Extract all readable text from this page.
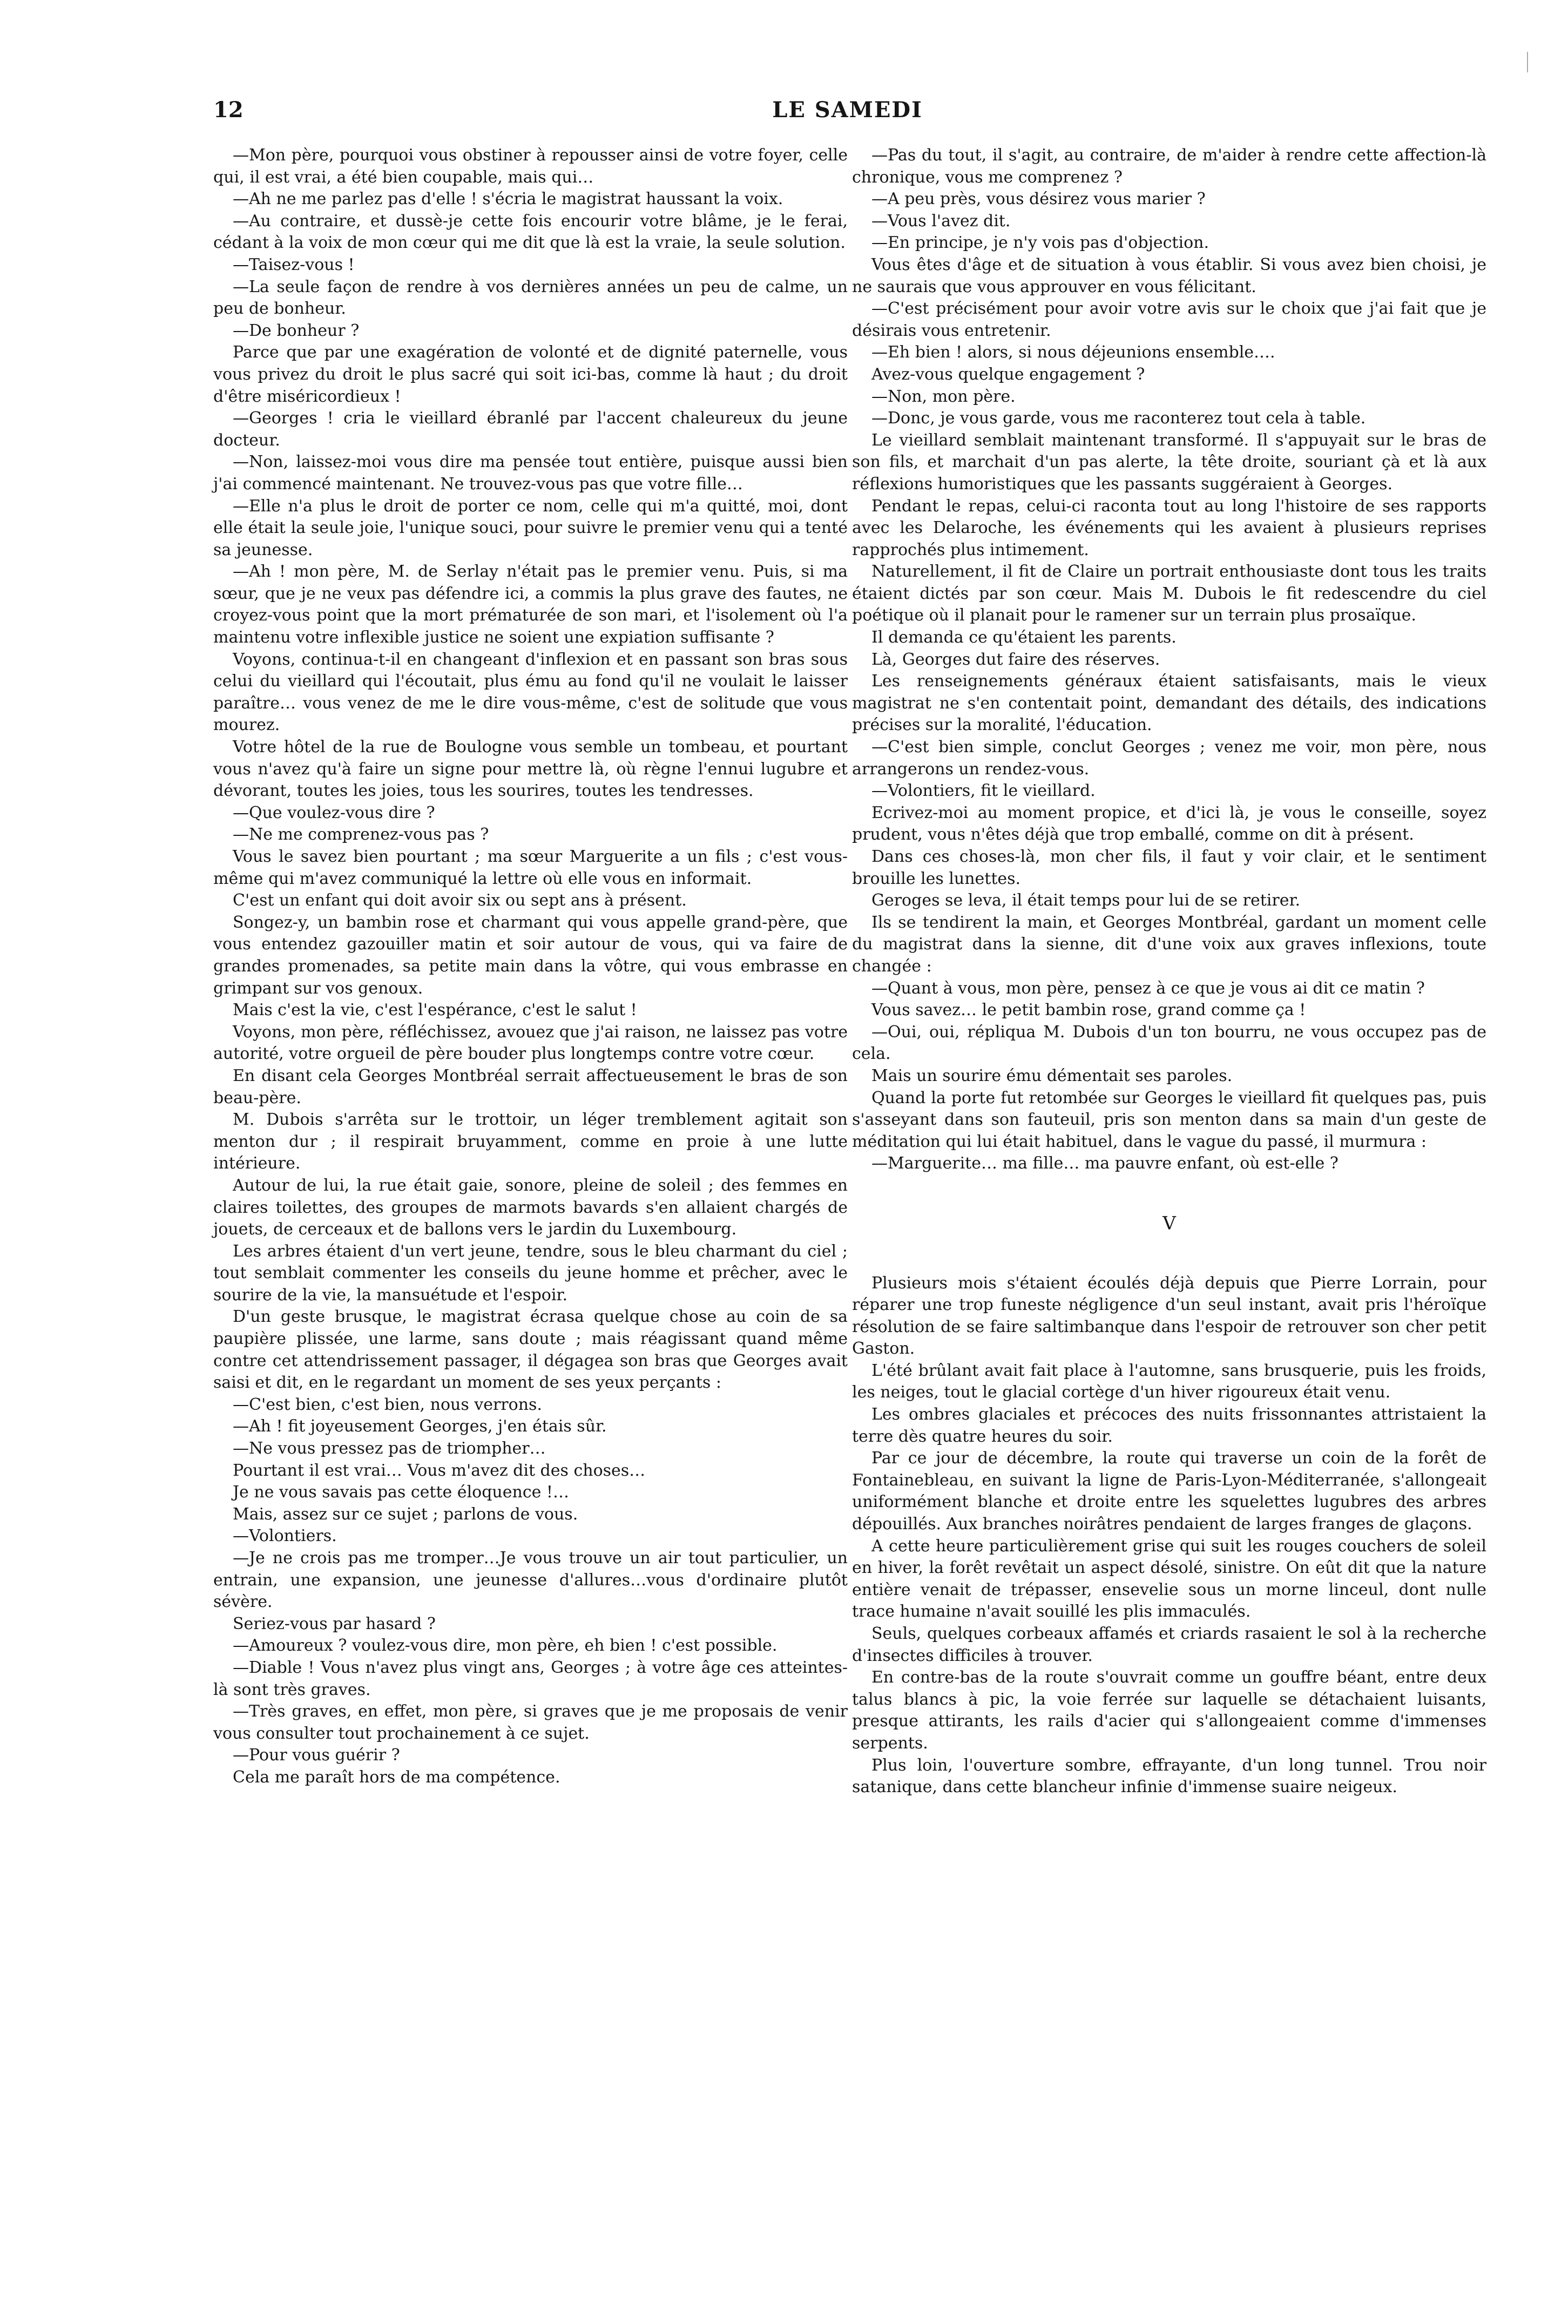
12	LE SAMEDI

—Mon père, pourquoi vous obstiner à repousser ainsi de votre foyer, celle qui, il est vrai, a été bien coupable, mais qui…

—Ah ne me parlez pas d'elle ! s'écria le magistrat haussant la voix.

—Au contraire, et dussè-je cette fois encourir votre blâme, je le ferai, cédant à la voix de mon cœur qui me dit que là est la vraie, la seule solution.

—Taisez-vous !

—La seule façon de rendre à vos dernières années un peu de calme, un peu de bonheur.

—De bonheur ?

Parce que par une exagération de volonté et de dignité paternelle, vous vous privez du droit le plus sacré qui soit ici-bas, comme là haut ; du droit d'être miséricordieux !

—Georges ! cria le vieillard ébranlé par l'accent chaleureux du jeune docteur.

—Non, laissez-moi vous dire ma pensée tout entière, puisque aussi bien j'ai commencé maintenant. Ne trouvez-vous pas que votre fille…

—Elle n'a plus le droit de porter ce nom, celle qui m'a quitté, moi, dont elle était la seule joie, l'unique souci, pour suivre le premier venu qui a tenté sa jeunesse.

—Ah ! mon père, M. de Serlay n'était pas le premier venu. Puis, si ma sœur, que je ne veux pas défendre ici, a commis la plus grave des fautes, ne croyez-vous point que la mort prématurée de son mari, et l'isolement où l'a maintenu votre inflexible justice ne soient une expiation suffisante ?

Voyons, continua-t-il en changeant d'inflexion et en passant son bras sous celui du vieillard qui l'écoutait, plus ému au fond qu'il ne voulait le laisser paraître… vous venez de me le dire vous-même, c'est de solitude que vous mourez.

Votre hôtel de la rue de Boulogne vous semble un tombeau, et pourtant vous n'avez qu'à faire un signe pour mettre là, où règne l'ennui lugubre et dévorant, toutes les joies, tous les sourires, toutes les tendresses.

—Que voulez-vous dire ?

—Ne me comprenez-vous pas ?

Vous le savez bien pourtant ; ma sœur Marguerite a un fils ; c'est vous-même qui m'avez communiqué la lettre où elle vous en informait.

C'est un enfant qui doit avoir six ou sept ans à présent.

Songez-y, un bambin rose et charmant qui vous appelle grand-père, que vous entendez gazouiller matin et soir autour de vous, qui va faire de grandes promenades, sa petite main dans la vôtre, qui vous embrasse en grimpant sur vos genoux.

Mais c'est la vie, c'est l'espérance, c'est le salut !

Voyons, mon père, réfléchissez, avouez que j'ai raison, ne laissez pas votre autorité, votre orgueil de père bouder plus longtemps contre votre cœur.

En disant cela Georges Montbréal serrait affectueusement le bras de son beau-père.

M. Dubois s'arrêta sur le trottoir, un léger tremblement agitait son menton dur ; il respirait bruyamment, comme en proie à une lutte intérieure.

Autour de lui, la rue était gaie, sonore, pleine de soleil ; des femmes en claires toilettes, des groupes de marmots bavards s'en allaient chargés de jouets, de cerceaux et de ballons vers le jardin du Luxembourg.

Les arbres étaient d'un vert jeune, tendre, sous le bleu charmant du ciel ; tout semblait commenter les conseils du jeune homme et prêcher, avec le sourire de la vie, la mansuétude et l'espoir.

D'un geste brusque, le magistrat écrasa quelque chose au coin de sa paupière plissée, une larme, sans doute ; mais réagissant quand même contre cet attendrissement passager, il dégagea son bras que Georges avait saisi et dit, en le regardant un moment de ses yeux perçants :

—C'est bien, c'est bien, nous verrons.

—Ah ! fit joyeusement Georges, j'en étais sûr.

—Ne vous pressez pas de triompher…

Pourtant il est vrai… Vous m'avez dit des choses…

Je ne vous savais pas cette éloquence !…

Mais, assez sur ce sujet ; parlons de vous.

—Volontiers.

—Je ne crois pas me tromper…Je vous trouve un air tout particulier, un entrain, une expansion, une jeunesse d'allures…vous d'ordinaire plutôt sévère.

Seriez-vous par hasard ?

—Amoureux ? voulez-vous dire, mon père, eh bien ! c'est possible.

—Diable ! Vous n'avez plus vingt ans, Georges ; à votre âge ces atteintes-là sont très graves.

—Très graves, en effet, mon père, si graves que je me proposais de venir vous consulter tout prochainement à ce sujet.

—Pour vous guérir ?

Cela me paraît hors de ma compétence.

—Pas du tout, il s'agit, au contraire, de m'aider à rendre cette affection-là chronique, vous me comprenez ?

—A peu près, vous désirez vous marier ?

—Vous l'avez dit.

—En principe, je n'y vois pas d'objection.

Vous êtes d'âge et de situation à vous établir. Si vous avez bien choisi, je ne saurais que vous approuver en vous félicitant.

—C'est précisément pour avoir votre avis sur le choix que j'ai fait que je désirais vous entretenir.

—Eh bien ! alors, si nous déjeunions ensemble….

Avez-vous quelque engagement ?

—Non, mon père.

—Donc, je vous garde, vous me raconterez tout cela à table.

Le vieillard semblait maintenant transformé. Il s'appuyait sur le bras de son fils, et marchait d'un pas alerte, la tête droite, souriant çà et là aux réflexions humoristiques que les passants suggéraient à Georges.

Pendant le repas, celui-ci raconta tout au long l'histoire de ses rapports avec les Delaroche, les événements qui les avaient à plusieurs reprises rapprochés plus intimement.

Naturellement, il fit de Claire un portrait enthousiaste dont tous les traits étaient dictés par son cœur. Mais M. Dubois le fit redescendre du ciel poétique où il planait pour le ramener sur un terrain plus prosaïque.

Il demanda ce qu'étaient les parents.

Là, Georges dut faire des réserves.

Les renseignements généraux étaient satisfaisants, mais le vieux magistrat ne s'en contentait point, demandant des détails, des indications précises sur la moralité, l'éducation.

—C'est bien simple, conclut Georges ; venez me voir, mon père, nous arrangerons un rendez-vous.

—Volontiers, fit le vieillard.

Ecrivez-moi au moment propice, et d'ici là, je vous le conseille, soyez prudent, vous n'êtes déjà que trop emballé, comme on dit à présent.

Dans ces choses-là, mon cher fils, il faut y voir clair, et le sentiment brouille les lunettes.

Geroges se leva, il était temps pour lui de se retirer.

Ils se tendirent la main, et Georges Montbréal, gardant un moment celle du magistrat dans la sienne, dit d'une voix aux graves inflexions, toute changée :

—Quant à vous, mon père, pensez à ce que je vous ai dit ce matin ?

Vous savez… le petit bambin rose, grand comme ça !

—Oui, oui, répliqua M. Dubois d'un ton bourru, ne vous occupez pas de cela.

Mais un sourire ému démentait ses paroles.

Quand la porte fut retombée sur Georges le vieillard fit quelques pas, puis s'asseyant dans son fauteuil, pris son menton dans sa main d'un geste de méditation qui lui était habituel, dans le vague du passé, il murmura :

—Marguerite… ma fille… ma pauvre enfant, où est-elle ?

V

Plusieurs mois s'étaient écoulés déjà depuis que Pierre Lorrain, pour réparer une trop funeste négligence d'un seul instant, avait pris l'héroïque résolution de se faire saltimbanque dans l'espoir de retrouver son cher petit Gaston.

L'été brûlant avait fait place à l'automne, sans brusquerie, puis les froids, les neiges, tout le glacial cortège d'un hiver rigoureux était venu.

Les ombres glaciales et précoces des nuits frissonnantes attristaient la terre dès quatre heures du soir.

Par ce jour de décembre, la route qui traverse un coin de la forêt de Fontainebleau, en suivant la ligne de Paris-Lyon-Méditerranée, s'allongeait uniformément blanche et droite entre les squelettes lugubres des arbres dépouillés. Aux branches noirâtres pendaient de larges franges de glaçons.

A cette heure particulièrement grise qui suit les rouges couchers de soleil en hiver, la forêt revêtait un aspect désolé, sinistre. On eût dit que la nature entière venait de trépasser, ensevelie sous un morne linceul, dont nulle trace humaine n'avait souillé les plis immaculés.

Seuls, quelques corbeaux affamés et criards rasaient le sol à la recherche d'insectes difficiles à trouver.

En contre-bas de la route s'ouvrait comme un gouffre béant, entre deux talus blancs à pic, la voie ferrée sur laquelle se détachaient luisants, presque attirants, les rails d'acier qui s'allongeaient comme d'immenses serpents.

Plus loin, l'ouverture sombre, effrayante, d'un long tunnel. Trou noir satanique, dans cette blancheur infinie d'immense suaire neigeux.
